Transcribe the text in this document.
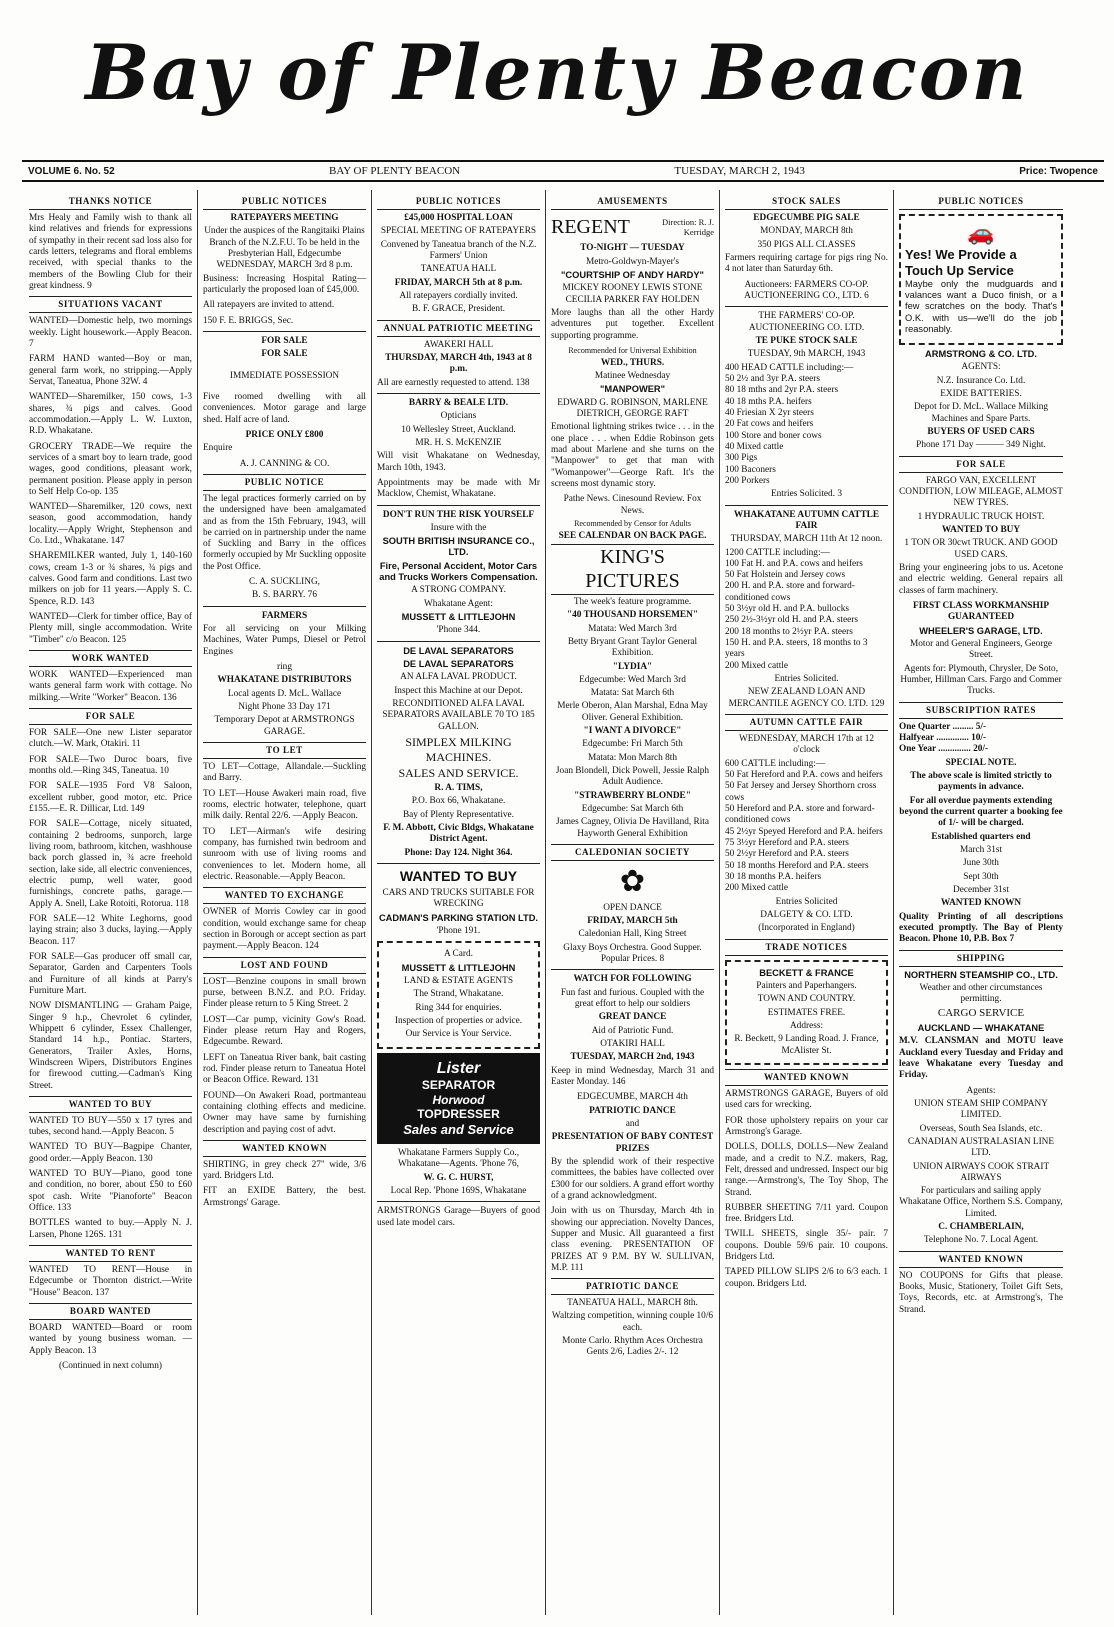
Bay of Plenty Beacon
VOLUME 6. No. 52	BAY OF PLENTY BEACON	TUESDAY, MARCH 2, 1943	Price: Twopence
THANKS NOTICE

Mrs Healy and Family wish to thank all kind relatives and friends for expressions of sympathy in their recent sad loss also for cards letters, telegrams and floral emblems received, with special thanks to the members of the Bowling Club for their great kindness. 9

SITUATIONS VACANT

WANTED—Domestic help, two mornings weekly. Light housework.—Apply Beacon. 7

FARM HAND wanted—Boy or man, general farm work, no stripping.—Apply Servat, Taneatua, Phone 32W. 4

WANTED—Sharemilker, 150 cows, 1-3 shares, ¾ pigs and calves. Good accommodation.—Apply L. W. Luxton, R.D. Whakatane.

GROCERY TRADE—We require the services of a smart boy to learn trade, good wages, good conditions, pleasant work, permanent position. Please apply in person to Self Help Co-op. 135

WANTED—Sharemilker, 120 cows, next season, good accommodation, handy locality.—Apply Wright, Stephenson and Co. Ltd., Whakatane. 147

SHAREMILKER wanted, July 1, 140-160 cows, cream 1-3 or ¾ shares, ¾ pigs and calves. Good farm and conditions. Last two milkers on job for 11 years.—Apply S. C. Spence, R.D. 143

WANTED—Clerk for timber office, Bay of Plenty mill, single accommodation. Write "Timber" c/o Beacon. 125

WORK WANTED

WORK WANTED—Experienced man wants general farm work with cottage. No milking.—Write "Worker" Beacon. 136

FOR SALE

FOR SALE—One new Lister separator clutch.—W. Mark, Otakiri. 11

FOR SALE—Two Duroc boars, five months old.—Ring 34S, Taneatua. 10

FOR SALE—1935 Ford V8 Saloon, excellent rubber, good motor, etc. Price £155.—E. R. Dillicar, Ltd. 149

FOR SALE—Cottage, nicely situated, containing 2 bedrooms, sunporch, large living room, bathroom, kitchen, washhouse back porch glassed in, ¾ acre freehold section, lake side, all electric conveniences, electric pump, well water, good furnishings, concrete paths, garage.—Apply A. Snell, Lake Rotoiti, Rotorua. 118

FOR SALE—12 White Leghorns, good laying strain; also 3 ducks, laying.—Apply Beacon. 117

FOR SALE—Gas producer off small car, Separator, Garden and Carpenters Tools and Furniture of all kinds at Parry's Furniture Mart.

NOW DISMANTLING — Graham Paige, Singer 9 h.p., Chevrolet 6 cylinder, Whippett 6 cylinder, Essex Challenger, Standard 14 h.p., Pontiac. Starters, Generators, Trailer Axles, Horns, Windscreen Wipers, Distributors Engines for firewood cutting.—Cadman's King Street.

WANTED TO BUY

WANTED TO BUY—550 x 17 tyres and tubes, second hand.—Apply Beacon. 5

WANTED TO BUY—Bagpipe Chanter, good order.—Apply Beacon. 130

WANTED TO BUY—Piano, good tone and condition, no borer, about £50 to £60 spot cash. Write "Pianoforte" Beacon Office. 133

BOTTLES wanted to buy.—Apply N. J. Larsen, Phone 126S. 131

WANTED TO RENT

WANTED TO RENT—House in Edgecumbe or Thornton district.—Write "House" Beacon. 137

BOARD WANTED

BOARD WANTED—Board or room wanted by young business woman. —Apply Beacon. 13

(Continued in next column)

PUBLIC NOTICES
RATEPAYERS MEETING

Under the auspices of the Rangitaiki Plains Branch of the N.Z.F.U. To be held in the Presbyterian Hall, Edgecumbe WEDNESDAY, MARCH 3rd 8 p.m.

Business: Increasing Hospital Rating—particularly the proposed loan of £45,000.

All ratepayers are invited to attend.

150 F. E. BRIGGS, Sec.

FOR SALE
FOR SALE
IMMEDIATE POSSESSION

Five roomed dwelling with all conveniences. Motor garage and large shed. Half acre of land.

PRICE ONLY £800

Enquire

A. J. CANNING & CO.
PUBLIC NOTICE

The legal practices formerly carried on by the undersigned have been amalgamated and as from the 15th February, 1943, will be carried on in partnership under the name of Suckling and Barry in the offices formerly occupied by Mr Suckling opposite the Post Office.

C. A. SUCKLING,
B. S. BARRY. 76
FARMERS

For all servicing on your Milking Machines, Water Pumps, Diesel or Petrol Engines

ring
WHAKATANE DISTRIBUTORS
Local agents D. McL. Wallace
Night Phone 33 Day 171

Temporary Depot at ARMSTRONGS GARAGE.

TO LET

TO LET—Cottage, Allandale.—Suckling and Barry.

TO LET—House Awakeri main road, five rooms, electric hotwater, telephone, quart milk daily. Rental 22/6. —Apply Beacon.

TO LET—Airman's wife desiring company, has furnished twin bedroom and sunroom with use of living rooms and conveniences to let. Modern home, all electric. Reasonable.—Apply Beacon.

WANTED TO EXCHANGE

OWNER of Morris Cowley car in good condition, would exchange same for cheap section in Borough or accept section as part payment.—Apply Beacon. 124

LOST AND FOUND

LOST—Benzine coupons in small brown purse, between B.N.Z. and P.O. Friday. Finder please return to 5 King Street. 2

LOST—Car pump, vicinity Gow's Road. Finder please return Hay and Rogers, Edgecumbe. Reward.

LEFT on Taneatua River bank, bait casting rod. Finder please return to Taneatua Hotel or Beacon Office. Reward. 131

FOUND—On Awakeri Road, portmanteau containing clothing effects and medicine. Owner may have same by furnishing description and paying cost of advt.

WANTED KNOWN

SHIRTING, in grey check 27" wide, 3/6 yard. Bridgers Ltd.

FIT an EXIDE Battery, the best. Armstrongs' Garage.

PUBLIC NOTICES
£45,000 HOSPITAL LOAN
SPECIAL MEETING OF RATEPAYERS

Convened by Taneatua branch of the N.Z. Farmers' Union

TANEATUA HALL
FRIDAY, MARCH 5th at 8 p.m.
All ratepayers cordially invited.
B. F. GRACE, President.
ANNUAL PATRIOTIC MEETING
AWAKERI HALL
THURSDAY, MARCH 4th, 1943 at 8 p.m.

All are earnestly requested to attend. 138

BARRY & BEALE LTD.
Opticians
10 Wellesley Street, Auckland.
MR. H. S. McKENZIE

Will visit Whakatane on Wednesday, March 10th, 1943.

Appointments may be made with Mr Macklow, Chemist, Whakatane.

DON'T RUN THE RISK YOURSELF
Insure with the
SOUTH BRITISH INSURANCE CO., LTD.
Fire, Personal Accident, Motor Cars and Trucks Workers Compensation.
A STRONG COMPANY.
Whakatane Agent:
MUSSETT & LITTLEJOHN
'Phone 344.
DE LAVAL SEPARATORS
DE LAVAL SEPARATORS
AN ALFA LAVAL PRODUCT.
Inspect this Machine at our Depot.

RECONDITIONED ALFA LAVAL SEPARATORS AVAILABLE 70 TO 185 GALLON.

SIMPLEX MILKING MACHINES.
SALES AND SERVICE.
R. A. TIMS,
P.O. Box 66, Whakatane.
Bay of Plenty Representative.
F. M. Abbott, Civic Bldgs, Whakatane District Agent.
Phone: Day 124. Night 364.
WANTED TO BUY
CARS AND TRUCKS SUITABLE FOR WRECKING
CADMAN'S PARKING STATION LTD.
'Phone 191.
A Card.
MUSSETT & LITTLEJOHN
LAND & ESTATE AGENTS
The Strand, Whakatane.
Ring 344 for enquiries.
Inspection of properties or advice.
Our Service is Your Service.
Lister
SEPARATOR
Horwood
TOPDRESSER
Sales and Service

Whakatane Farmers Supply Co., Whakatane—Agents. 'Phone 76,

W. G. C. HURST,
Local Rep. 'Phone 169S, Whakatane

ARMSTRONGS Garage—Buyers of good used late model cars.

AMUSEMENTS
REGENT	Direction: R. J. Kerridge
TO-NIGHT — TUESDAY
Metro-Goldwyn-Mayer's
"COURTSHIP OF ANDY HARDY"

MICKEY ROONEY LEWIS STONE CECILIA PARKER FAY HOLDEN

More laughs than all the other Hardy adventures put together. Excellent supporting programme.

Recommended for Universal Exhibition
WED., THURS.
Matinee Wednesday
"MANPOWER"

EDWARD G. ROBINSON, MARLENE DIETRICH, GEORGE RAFT

Emotional lightning strikes twice . . . in the one place . . . when Eddie Robinson gets mad about Marlene and she turns on the "Manpower" to get that man with "Womanpower"—George Raft. It's the screens most dynamic story.

Pathe News. Cinesound Review. Fox News.
Recommended by Censor for Adults
SEE CALENDAR ON BACK PAGE.
KING'S PICTURES
The week's feature programme.
"40 THOUSAND HORSEMEN"
Matata: Wed March 3rd

Betty Bryant Grant Taylor General Exhibition.

"LYDIA"
Edgecumbe: Wed March 3rd
Matata: Sat March 6th

Merle Oberon, Alan Marshal, Edna May Oliver. General Exhibition.

"I WANT A DIVORCE"
Edgecumbe: Fri March 5th
Matata: Mon March 8th

Joan Blondell, Dick Powell, Jessie Ralph Adult Audience.

"STRAWBERRY BLONDE"
Edgecumbe: Sat March 6th

James Cagney, Olivia De Havilland, Rita Hayworth General Exhibition

CALEDONIAN SOCIETY
✿
OPEN DANCE
FRIDAY, MARCH 5th
Caledonian Hall, King Street

Glaxy Boys Orchestra. Good Supper. Popular Prices. 8

WATCH FOR FOLLOWING

Fun fast and furious. Coupled with the great effort to help our soldiers

GREAT DANCE
Aid of Patriotic Fund.
OTAKIRI HALL
TUESDAY, MARCH 2nd, 1943

Keep in mind Wednesday, March 31 and Easter Monday. 146

EDGECUMBE, MARCH 4th
PATRIOTIC DANCE
and
PRESENTATION OF BABY CONTEST PRIZES

By the splendid work of their respective committees, the babies have collected over £300 for our soldiers. A grand effort worthy of a grand acknowledgment.

Join with us on Thursday, March 4th in showing our appreciation. Novelty Dances, Supper and Music. All guaranteed a first class evening. PRESENTATION OF PRIZES AT 9 P.M. BY W. SULLIVAN, M.P. 111

PATRIOTIC DANCE
TANEATUA HALL, MARCH 8th.
Waltzing competition, winning couple 10/6 each.

Monte Carlo. Rhythm Aces Orchestra Gents 2/6, Ladies 2/-. 12

STOCK SALES
EDGECUMBE PIG SALE
MONDAY, MARCH 8th
350 PIGS ALL CLASSES

Farmers requiring cartage for pigs ring No. 4 not later than Saturday 6th.

Auctioneers: FARMERS CO-OP. AUCTIONEERING CO., LTD. 6

THE FARMERS' CO-OP. AUCTIONEERING CO. LTD.

TE PUKE STOCK SALE
TUESDAY, 9th MARCH, 1943
400 HEAD CATTLE including:—
50 2½ and 3yr P.A. steers
80 18 mths and 2yr P.A. steers
40 18 mths P.A. heifers
40 Friesian X 2yr steers
20 Fat cows and heifers
100 Store and boner cows
40 Mixed cattle
300 Pigs
100 Baconers
200 Porkers
Entries Solicited. 3
WHAKATANE AUTUMN CATTLE FAIR
THURSDAY, MARCH 11th At 12 noon.
1200 CATTLE including:—
100 Fat H. and P.A. cows and heifers
50 Fat Holstein and Jersey cows
200 H. and P.A. store and forward-conditioned cows
50 3½yr old H. and P.A. bullocks
250 2½-3½yr old H. and P.A. steers
200 18 months to 2½yr P.A. steers
150 H. and P.A. steers, 18 months to 3 years
200 Mixed cattle
Entries Solicited.

NEW ZEALAND LOAN AND MERCANTILE AGENCY CO. LTD. 129

AUTUMN CATTLE FAIR
WEDNESDAY, MARCH 17th at 12 o'clock
600 CATTLE including:—
50 Fat Hereford and P.A. cows and heifers
50 Fat Jersey and Jersey Shorthorn cross cows
50 Hereford and P.A. store and forward-conditioned cows
45 2½yr Speyed Hereford and P.A. heifers
75 3½yr Hereford and P.A. steers
50 2½yr Hereford and P.A. steers
50 18 months Hereford and P.A. steers
30 18 months P.A. heifers
200 Mixed cattle
Entries Solicited
DALGETY & CO. LTD.
(Incorporated in England)
TRADE NOTICES
BECKETT & FRANCE
Painters and Paperhangers.
TOWN AND COUNTRY.
ESTIMATES FREE.
Address:
R. Beckett, 9 Landing Road. J. France, McAlister St.
WANTED KNOWN

ARMSTRONGS GARAGE, Buyers of old used cars for wrecking.

FOR those upholstery repairs on your car Armstrong's Garage.

DOLLS, DOLLS, DOLLS—New Zealand made, and a credit to N.Z. makers, Rag, Felt, dressed and undressed. Inspect our big range.—Armstrong's, The Toy Shop, The Strand.

RUBBER SHEETING 7/11 yard. Coupon free. Bridgers Ltd.

TWILL SHEETS, single 35/- pair. 7 coupons. Double 59/6 pair. 10 coupons. Bridgers Ltd.

TAPED PILLOW SLIPS 2/6 to 6/3 each. 1 coupon. Bridgers Ltd.

PUBLIC NOTICES
🚗
Yes! We Provide a Touch Up Service

Maybe only the mudguards and valances want a Duco finish, or a few scratches on the body. That's O.K. with us—we'll do the job reasonably.

ARMSTRONG & CO. LTD.
AGENTS:
N.Z. Insurance Co. Ltd.
EXIDE BATTERIES.

Depot for D. McL. Wallace Milking Machines and Spare Parts.

BUYERS OF USED CARS
Phone 171 Day ——— 349 Night.
FOR SALE

FARGO VAN, EXCELLENT CONDITION, LOW MILEAGE, ALMOST NEW TYRES.

1 HYDRAULIC TRUCK HOIST.
WANTED TO BUY

1 TON OR 30cwt TRUCK. AND GOOD USED CARS.

Bring your engineering jobs to us. Acetone and electric welding. General repairs all classes of farm machinery.

FIRST CLASS WORKMANSHIP GUARANTEED
WHEELER'S GARAGE, LTD.
Motor and General Engineers, George Street.

Agents for: Plymouth, Chrysler, De Soto, Humber, Hillman Cars. Fargo and Commer Trucks.

SUBSCRIPTION RATES
One Quarter ......... 5/-
Halfyear .............. 10/-
One Year .............. 20/-
SPECIAL NOTE.

The above scale is limited strictly to payments in advance.

For all overdue payments extending beyond the current quarter a booking fee of 1/- will be charged.

Established quarters end
March 31st
June 30th
Sept 30th
December 31st
WANTED KNOWN

Quality Printing of all descriptions executed promptly. The Bay of Plenty Beacon. Phone 10, P.B. Box 7

SHIPPING
NORTHERN STEAMSHIP CO., LTD.
Weather and other circumstances permitting.
CARGO SERVICE
AUCKLAND — WHAKATANE

M.V. CLANSMAN and MOTU leave Auckland every Tuesday and Friday and leave Whakatane every Tuesday and Friday.

Agents:
UNION STEAM SHIP COMPANY LIMITED.
Overseas, South Sea Islands, etc.
CANADIAN AUSTRALASIAN LINE LTD.
UNION AIRWAYS COOK STRAIT AIRWAYS

For particulars and sailing apply Whakatane Office, Northern S.S. Company, Limited.

C. CHAMBERLAIN,
Telephone No. 7. Local Agent.
WANTED KNOWN

NO COUPONS for Gifts that please. Books, Music, Stationery, Toilet Gift Sets, Toys, Records, etc. at Armstrong's, The Strand.
